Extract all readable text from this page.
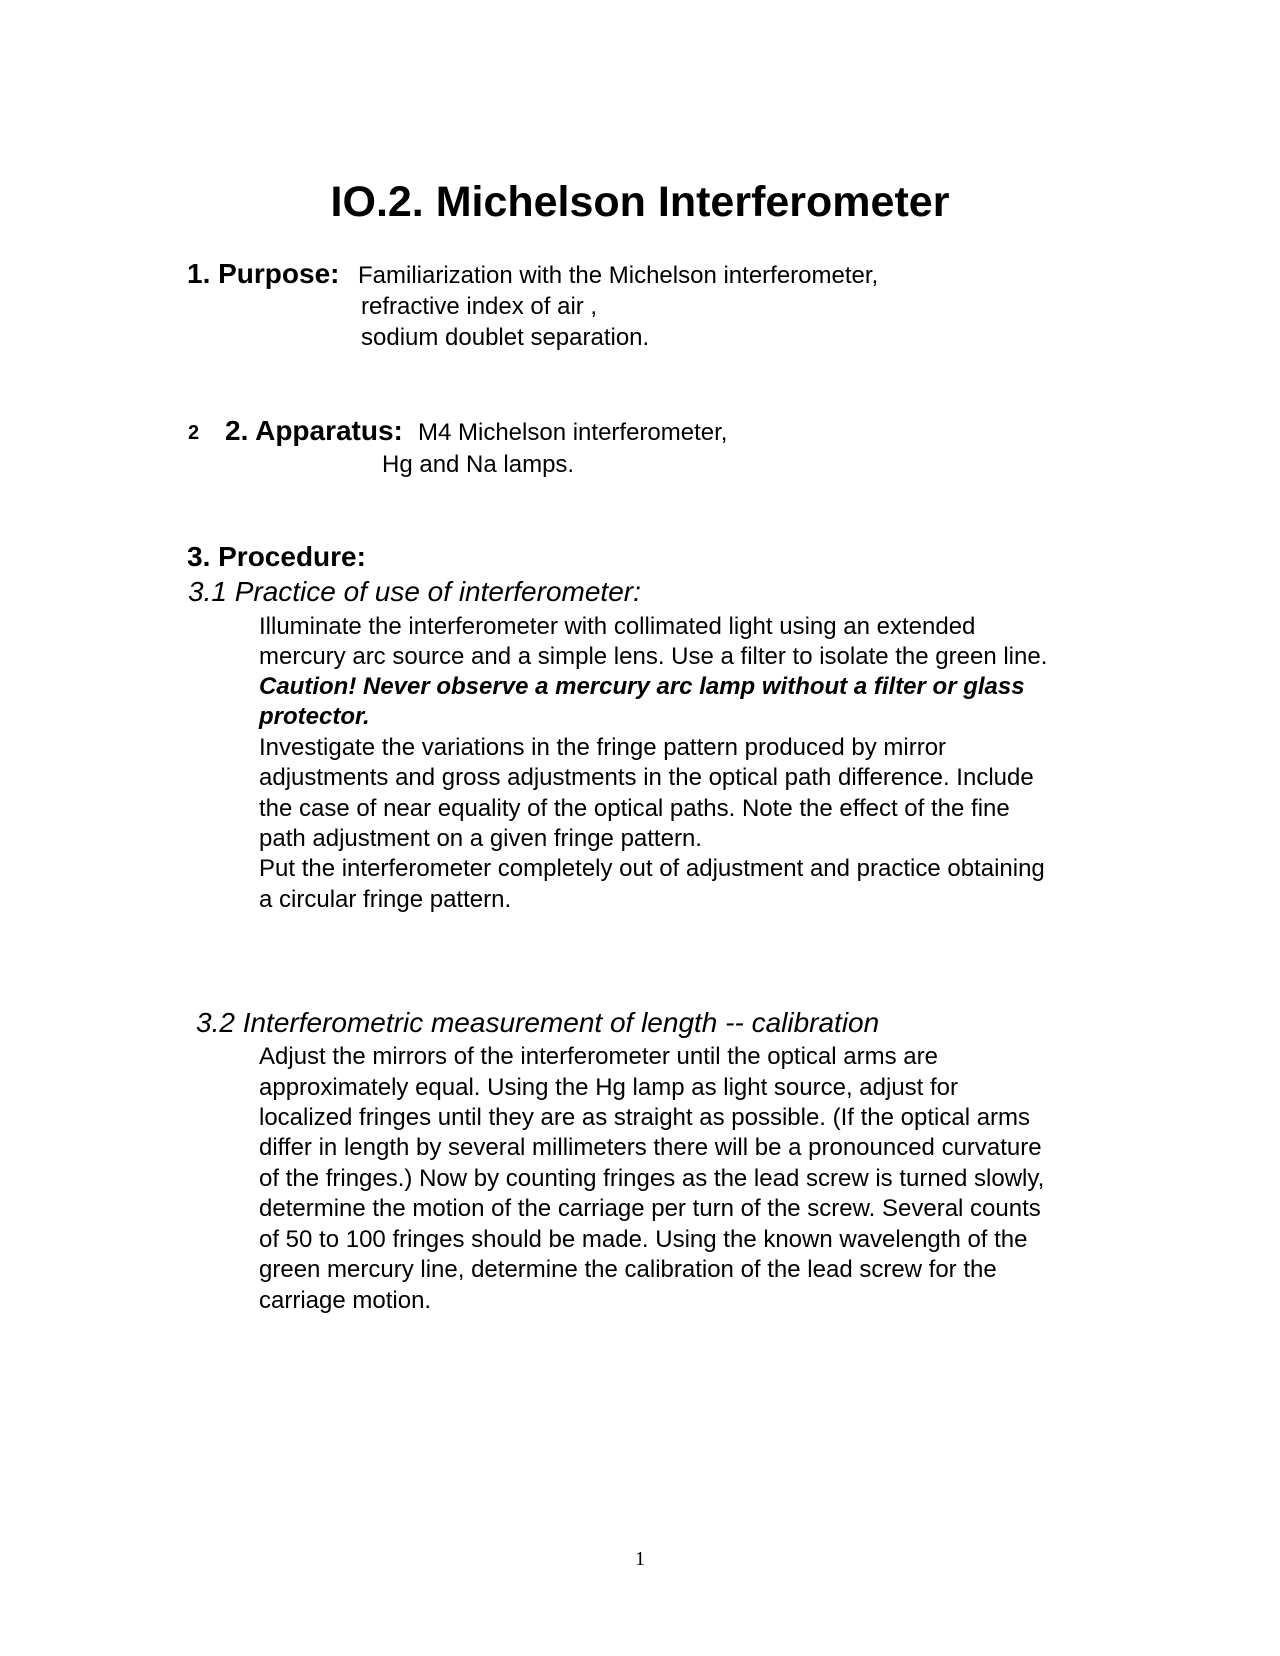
IO.2. Michelson Interferometer
1. Purpose: Familiarization with the Michelson interferometer,
refractive index of air ,
sodium doublet separation.
2 2. Apparatus: M4 Michelson interferometer,
Hg and Na lamps.
3. Procedure:
3.1 Practice of use of interferometer:
Illuminate the interferometer with collimated light using an extended
mercury arc source and a simple lens. Use a filter to isolate the green line.
Caution! Never observe a mercury arc lamp without a filter or glass
protector.
Investigate the variations in the fringe pattern produced by mirror
adjustments and gross adjustments in the optical path difference. Include
the case of near equality of the optical paths. Note the effect of the fine
path adjustment on a given fringe pattern.
Put the interferometer completely out of adjustment and practice obtaining
a circular fringe pattern.
3.2 Interferometric measurement of length -- calibration
Adjust the mirrors of the interferometer until the optical arms are
approximately equal. Using the Hg lamp as light source, adjust for
localized fringes until they are as straight as possible. (If the optical arms
differ in length by several millimeters there will be a pronounced curvature
of the fringes.) Now by counting fringes as the lead screw is turned slowly,
determine the motion of the carriage per turn of the screw. Several counts
of 50 to 100 fringes should be made. Using the known wavelength of the
green mercury line, determine the calibration of the lead screw for the
carriage motion.
1
